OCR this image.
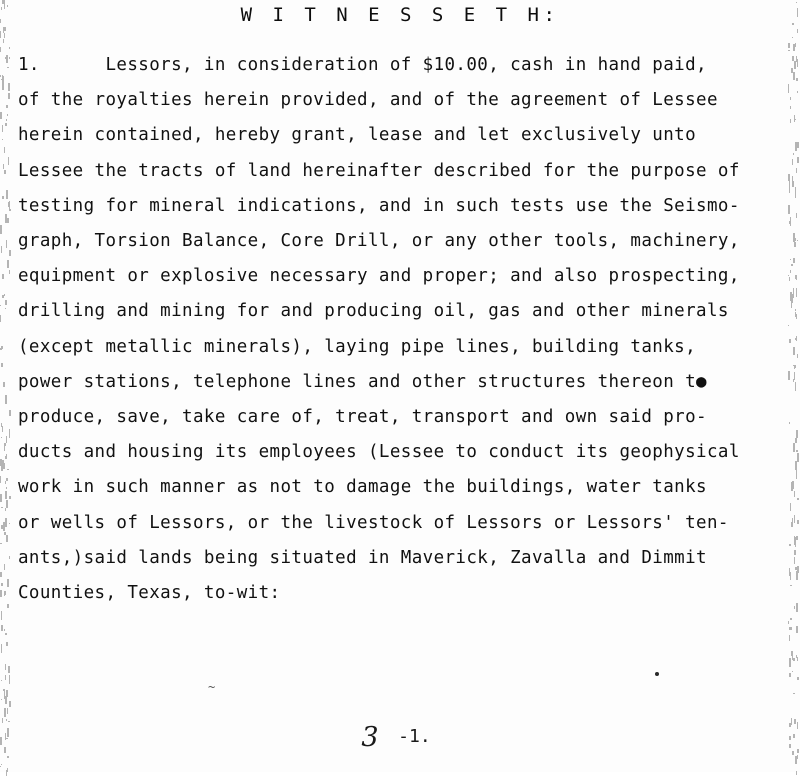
W I T N E S S E T H:
1.      Lessors, in consideration of $10.00, cash in hand paid,
of the royalties herein provided, and of the agreement of Lessee
herein contained, hereby grant, lease and let exclusively unto
Lessee the tracts of land hereinafter described for the purpose of
testing for mineral indications, and in such tests use the Seismo-
graph, Torsion Balance, Core Drill, or any other tools, machinery,
equipment or explosive necessary and proper; and also prospecting,
drilling and mining for and producing oil, gas and other minerals
(except metallic minerals), laying pipe lines, building tanks,
power stations, telephone lines and other structures thereon t●
produce, save, take care of, treat, transport and own said pro-
ducts and housing its employees (Lessee to conduct its geophysical
work in such manner as not to damage the buildings, water tanks
or wells of Lessors, or the livestock of Lessors or Lessors' ten-
ants,)said lands being situated in Maverick, Zavalla and Dimmit
Counties, Texas, to-wit:
~
3 -1.
